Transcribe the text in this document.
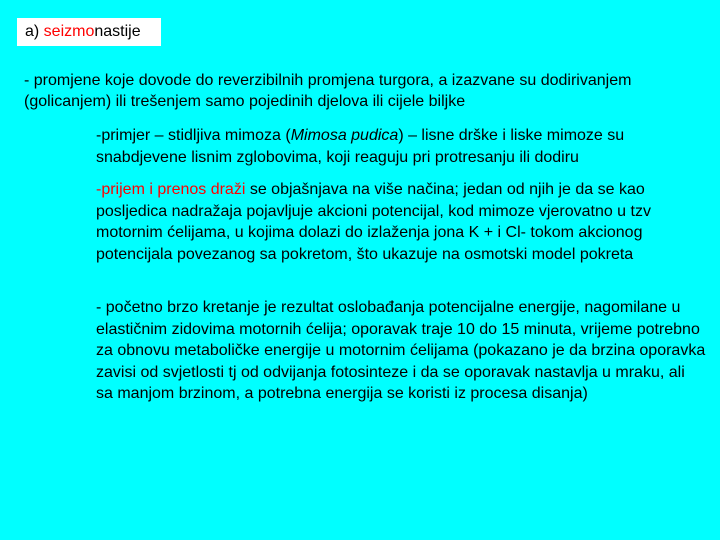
a) seizmonastije

- promjene koje dovode do reverzibilnih promjena turgora, a izazvane su dodirivanjem (golicanjem) ili trešenjem samo pojedinih djelova ili cijele biljke

-primjer – stidljiva mimoza (Mimosa pudica) – lisne drške i liske mimoze su snabdjevene lisnim zglobovima, koji reaguju pri protresanju ili dodiru

-prijem i prenos draži se objašnjava na više načina; jedan od njih je da se kao posljedica nadražaja pojavljuje akcioni potencijal, kod mimoze vjerovatno u tzv motornim ćelijama, u kojima dolazi do izlaženja jona K + i Cl- tokom akcionog potencijala povezanog sa pokretom, što ukazuje na osmotski model pokreta

- početno brzo kretanje je rezultat oslobađanja potencijalne energije, nagomilane u elastičnim zidovima motornih ćelija; oporavak traje 10 do 15 minuta, vrijeme potrebno za obnovu metaboličke energije u motornim ćelijama (pokazano je da brzina oporavka zavisi od svjetlosti tj od odvijanja fotosinteze i da se oporavak nastavlja u mraku, ali sa manjom brzinom, a potrebna energija se koristi iz procesa disanja)
